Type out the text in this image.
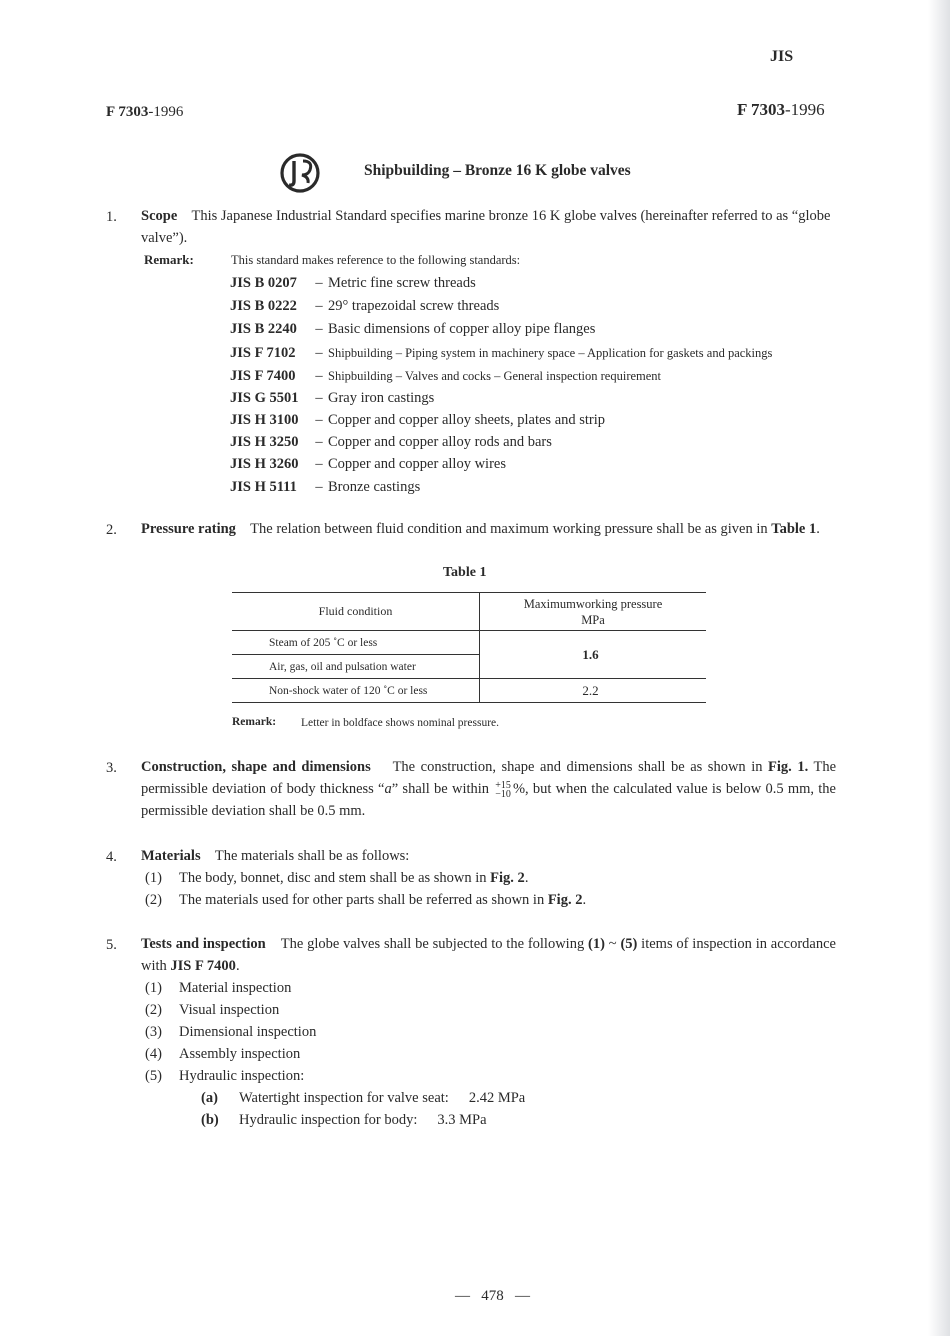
JIS
F 7303-1996	F 7303-1996
Shipbuilding – Bronze 16 K globe valves
1. Scope This Japanese Industrial Standard specifies marine bronze 16 K globe valves (hereinafter referred to as “globe valve”).
Remark:	This standard makes reference to the following standards:
JIS B 0207 – Metric fine screw threads
JIS B 0222 – 29° trapezoidal screw threads
JIS B 2240 – Basic dimensions of copper alloy pipe flanges
JIS F 7102 – Shipbuilding – Piping system in machinery space – Application for gaskets and packings
JIS F 7400 – Shipbuilding – Valves and cocks – General inspection requirement
JIS G 5501 – Gray iron castings
JIS H 3100 – Copper and copper alloy sheets, plates and strip
JIS H 3250 – Copper and copper alloy rods and bars
JIS H 3260 – Copper and copper alloy wires
JIS H 5111 – Bronze castings
2. Pressure rating The relation between fluid condition and maximum working pressure shall be as given in Table 1.
Table 1
Fluid condition	Maximumworking pressure
MPa

Steam of 205 ˚C or less	1.6
Air, gas, oil and pulsation water	
Non-shock water of 120 ˚C or less	2.2
Remark: Letter in boldface shows nominal pressure.
3. Construction, shape and dimensions The construction, shape and dimensions shall be as shown in Fig. 1. The permissible deviation of body thickness “a” shall be within +15
−10 %, but when the calculated value is below 0.5 mm, the permissible deviation shall be 0.5 mm.
4. Materials The materials shall be as follows:
(1) The body, bonnet, disc and stem shall be as shown in Fig. 2.
(2) The materials used for other parts shall be referred as shown in Fig. 2.
5. Tests and inspection The globe valves shall be subjected to the following (1) ~ (5) items of inspection in accordance with JIS F 7400.
(1) Material inspection
(2) Visual inspection
(3) Dimensional inspection
(4) Assembly inspection
(5) Hydraulic inspection:
(a) Watertight inspection for valve seat: 2.42 MPa
(b) Hydraulic inspection for body: 3.3 MPa
— 478 —
